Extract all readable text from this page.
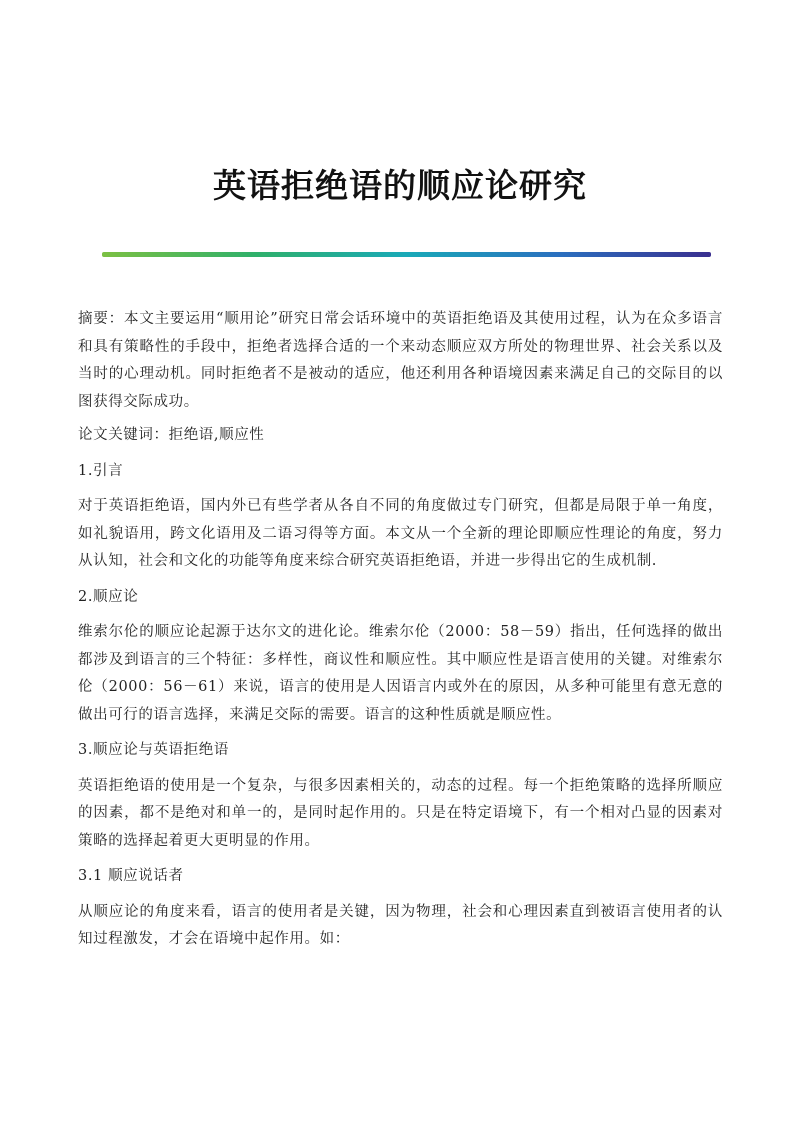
英语拒绝语的顺应论研究

摘要：本文主要运用“顺用论”研究日常会话环境中的英语拒绝语及其使用过程，认为在众多语言和具有策略性的手段中，拒绝者选择合适的一个来动态顺应双方所处的物理世界、社会关系以及当时的心理动机。同时拒绝者不是被动的适应，他还利用各种语境因素来满足自己的交际目的以图获得交际成功。

论文关键词：拒绝语,顺应性

1.引言

对于英语拒绝语，国内外已有些学者从各自不同的角度做过专门研究，但都是局限于单一角度，如礼貌语用，跨文化语用及二语习得等方面。本文从一个全新的理论即顺应性理论的角度，努力从认知，社会和文化的功能等角度来综合研究英语拒绝语，并进一步得出它的生成机制.

2.顺应论

维索尔伦的顺应论起源于达尔文的进化论。维索尔伦（2000：58－59）指出，任何选择的做出都涉及到语言的三个特征：多样性，商议性和顺应性。其中顺应性是语言使用的关键。对维索尔伦（2000：56－61）来说，语言的使用是人因语言内或外在的原因，从多种可能里有意无意的做出可行的语言选择，来满足交际的需要。语言的这种性质就是顺应性。

3.顺应论与英语拒绝语

英语拒绝语的使用是一个复杂，与很多因素相关的，动态的过程。每一个拒绝策略的选择所顺应的因素，都不是绝对和单一的，是同时起作用的。只是在特定语境下，有一个相对凸显的因素对策略的选择起着更大更明显的作用。

3.1 顺应说话者

从顺应论的角度来看，语言的使用者是关键，因为物理，社会和心理因素直到被语言使用者的认知过程激发，才会在语境中起作用。如：
